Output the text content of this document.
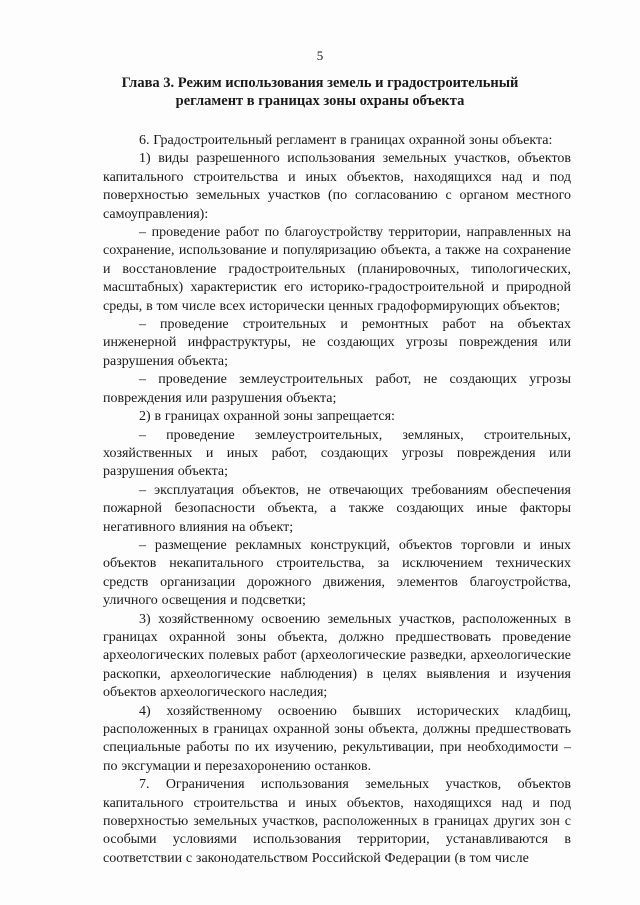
5
Глава 3. Режим использования земель и градостроительный
регламент в границах зоны охраны объекта

6. Градостроительный регламент в границах охранной зоны объекта:

1) виды разрешенного использования земельных участков, объектов капитального строительства и иных объектов, находящихся над и под поверхностью земельных участков (по согласованию с органом местного самоуправления):

– проведение работ по благоустройству территории, направленных на сохранение, использование и популяризацию объекта, а также на сохранение и восстановление градостроительных (планировочных, типологических, масштабных) характеристик его историко-градостроительной и природной среды, в том числе всех исторически ценных градоформирующих объектов;

– проведение строительных и ремонтных работ на объектах инженерной инфраструктуры, не создающих угрозы повреждения или разрушения объекта;

– проведение землеустроительных работ, не создающих угрозы повреждения или разрушения объекта;

2) в границах охранной зоны запрещается:

– проведение землеустроительных, земляных, строительных, хозяйственных и иных работ, создающих угрозы повреждения или разрушения объекта;

– эксплуатация объектов, не отвечающих требованиям обеспечения пожарной безопасности объекта, а также создающих иные факторы негативного влияния на объект;

– размещение рекламных конструкций, объектов торговли и иных объектов некапитального строительства, за исключением технических средств организации дорожного движения, элементов благоустройства, уличного освещения и подсветки;

3) хозяйственному освоению земельных участков, расположенных в границах охранной зоны объекта, должно предшествовать проведение археологических полевых работ (археологические разведки, археологические раскопки, археологические наблюдения) в целях выявления и изучения объектов археологического наследия;

4) хозяйственному освоению бывших исторических кладбищ, расположенных в границах охранной зоны объекта, должны предшествовать специальные работы по их изучению, рекультивации, при необходимости – по эксгумации и перезахоронению останков.

7. Ограничения использования земельных участков, объектов капитального строительства и иных объектов, находящихся над и под поверхностью земельных участков, расположенных в границах других зон с особыми условиями использования территории, устанавливаются в соответствии с законодательством Российской Федерации (в том числе
